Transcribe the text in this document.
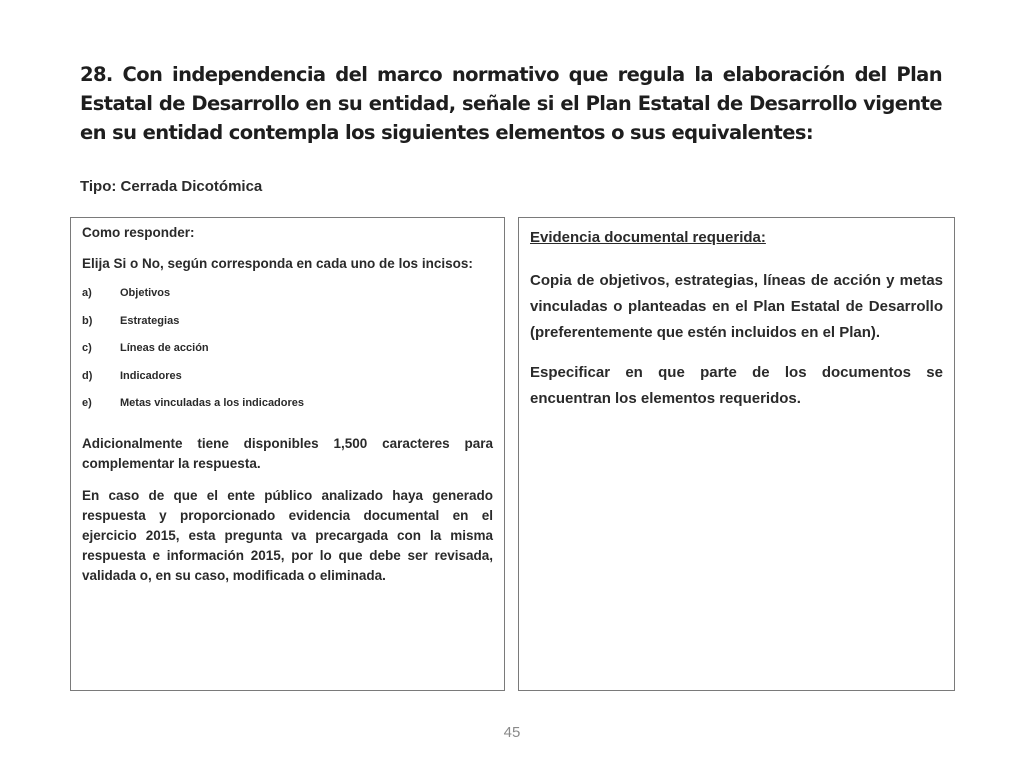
28. Con independencia del marco normativo que regula la elaboración del Plan Estatal de Desarrollo en su entidad, señale si el Plan Estatal de Desarrollo vigente en su entidad contempla los siguientes elementos o sus equivalentes:
Tipo: Cerrada Dicotómica
Como responder:

Elija Si o No, según corresponda en cada uno de los incisos:

a)	Objetivos
b)	Estrategias
c)	Líneas de acción
d)	Indicadores
e)	Metas vinculadas a los indicadores

Adicionalmente tiene disponibles 1,500 caracteres para complementar la respuesta.

En caso de que el ente público analizado haya generado respuesta y proporcionado evidencia documental en el ejercicio 2015, esta pregunta va precargada con la misma respuesta e información 2015, por lo que debe ser revisada, validada o, en su caso, modificada o eliminada.

Evidencia documental requerida:

Copia de objetivos, estrategias, líneas de acción y metas vinculadas o planteadas en el Plan Estatal de Desarrollo (preferentemente que estén incluidos en el Plan).

Especificar en que parte de los documentos se encuentran los elementos requeridos.

45
